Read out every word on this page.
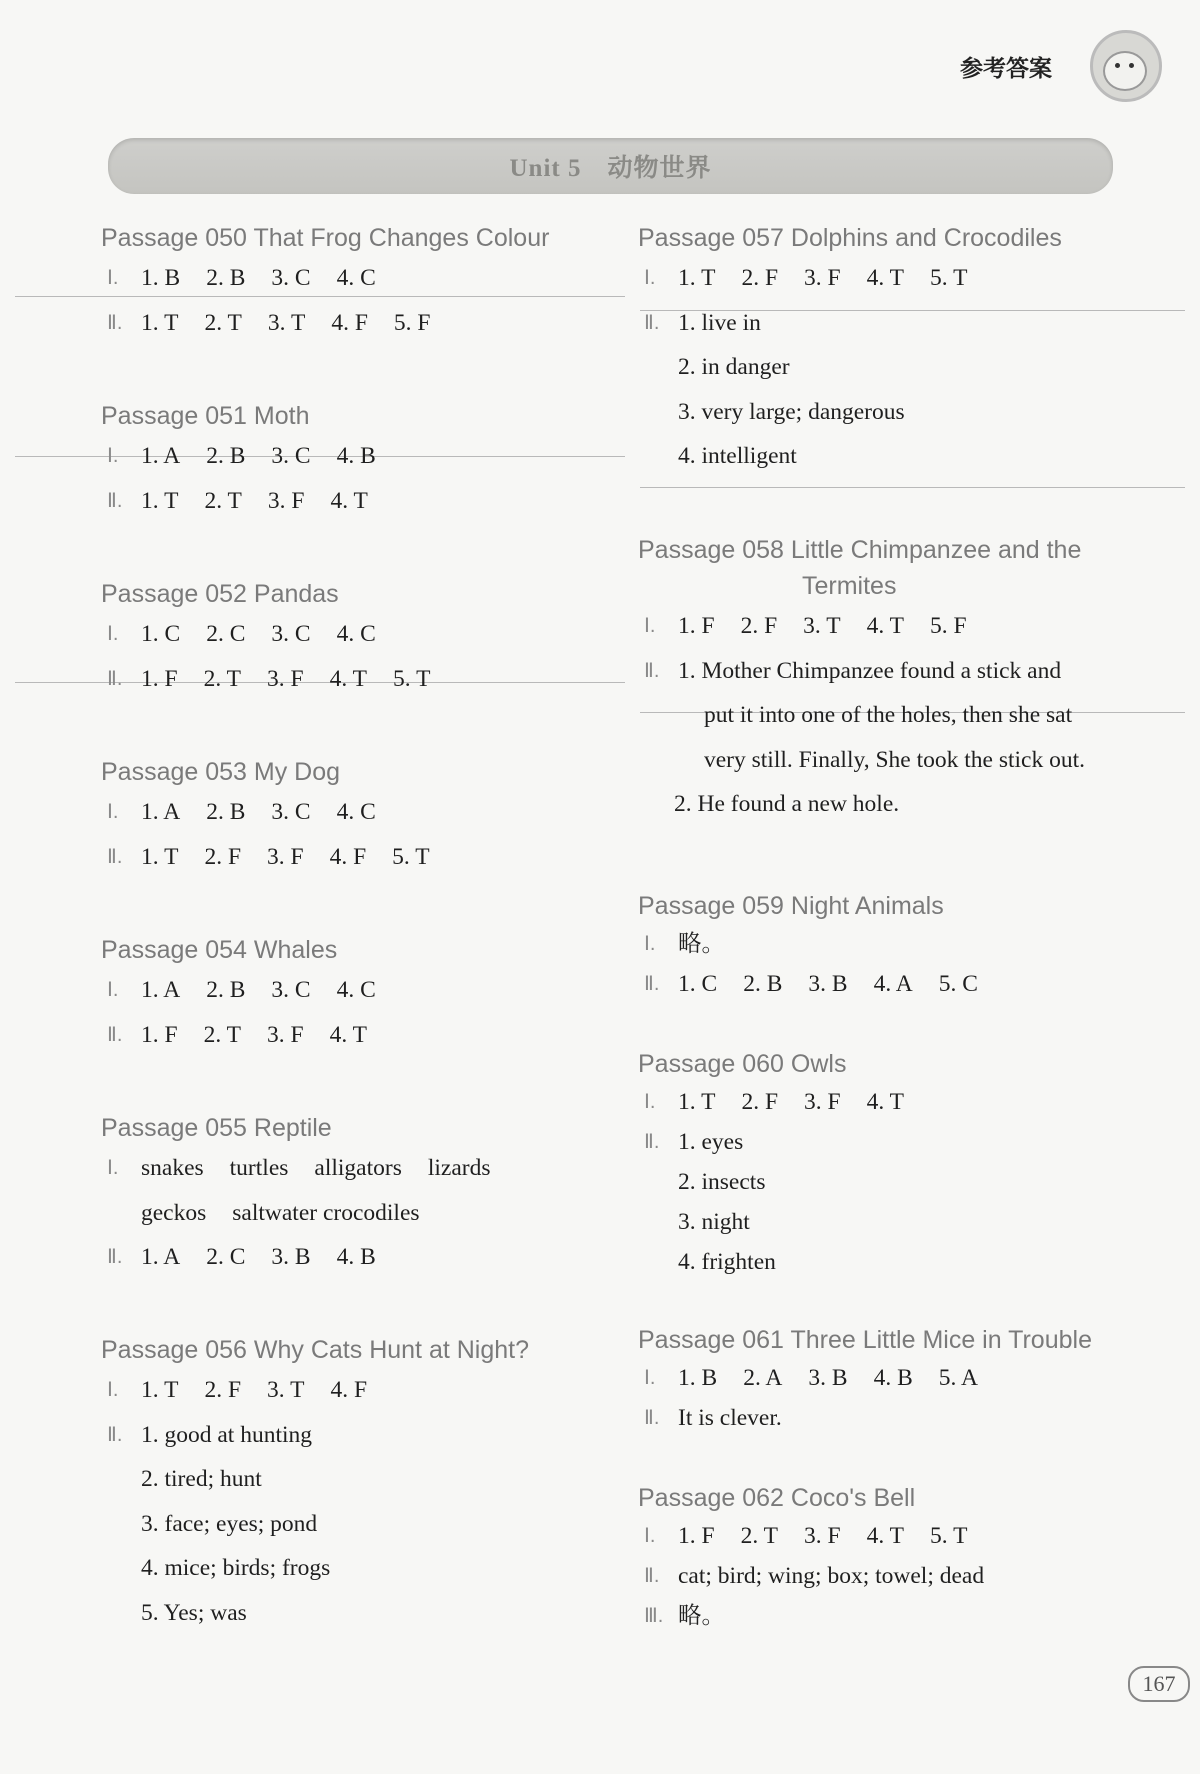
参考答案
Unit 5　动物世界
Passage 050 That Frog Changes Colour
Ⅰ. 1. B 2. B 3. C 4. C
Ⅱ. 1. T 2. T 3. T 4. F 5. F
Passage 051 Moth
Ⅰ. 1. A 2. B 3. C 4. B
Ⅱ. 1. T 2. T 3. F 4. T
Passage 052 Pandas
Ⅰ. 1. C 2. C 3. C 4. C
Ⅱ. 1. F 2. T 3. F 4. T 5. T
Passage 053 My Dog
Ⅰ. 1. A 2. B 3. C 4. C
Ⅱ. 1. T 2. F 3. F 4. F 5. T
Passage 054 Whales
Ⅰ. 1. A 2. B 3. C 4. C
Ⅱ. 1. F 2. T 3. F 4. T
Passage 055 Reptile
Ⅰ. snakes turtles alligators lizards
geckos saltwater crocodiles
Ⅱ. 1. A 2. C 3. B 4. B
Passage 056 Why Cats Hunt at Night?
Ⅰ. 1. T 2. F 3. T 4. F
Ⅱ. 1. good at hunting
2. tired; hunt
3. face; eyes; pond
4. mice; birds; frogs
5. Yes; was
Passage 057 Dolphins and Crocodiles
Ⅰ. 1. T 2. F 3. F 4. T 5. T
Ⅱ. 1. live in
2. in danger
3. very large; dangerous
4. intelligent
Passage 058 Little Chimpanzee and the
Termites
Ⅰ. 1. F 2. F 3. T 4. T 5. F
Ⅱ. 1. Mother Chimpanzee found a stick and
put it into one of the holes, then she sat
very still. Finally, She took the stick out.
2. He found a new hole.
Passage 059 Night Animals
Ⅰ. 略。
Ⅱ. 1. C 2. B 3. B 4. A 5. C
Passage 060 Owls
Ⅰ. 1. T 2. F 3. F 4. T
Ⅱ. 1. eyes
2. insects
3. night
4. frighten
Passage 061 Three Little Mice in Trouble
Ⅰ. 1. B 2. A 3. B 4. B 5. A
Ⅱ. It is clever.
Passage 062 Coco's Bell
Ⅰ. 1. F 2. T 3. F 4. T 5. T
Ⅱ. cat; bird; wing; box; towel; dead
Ⅲ. 略。
167
